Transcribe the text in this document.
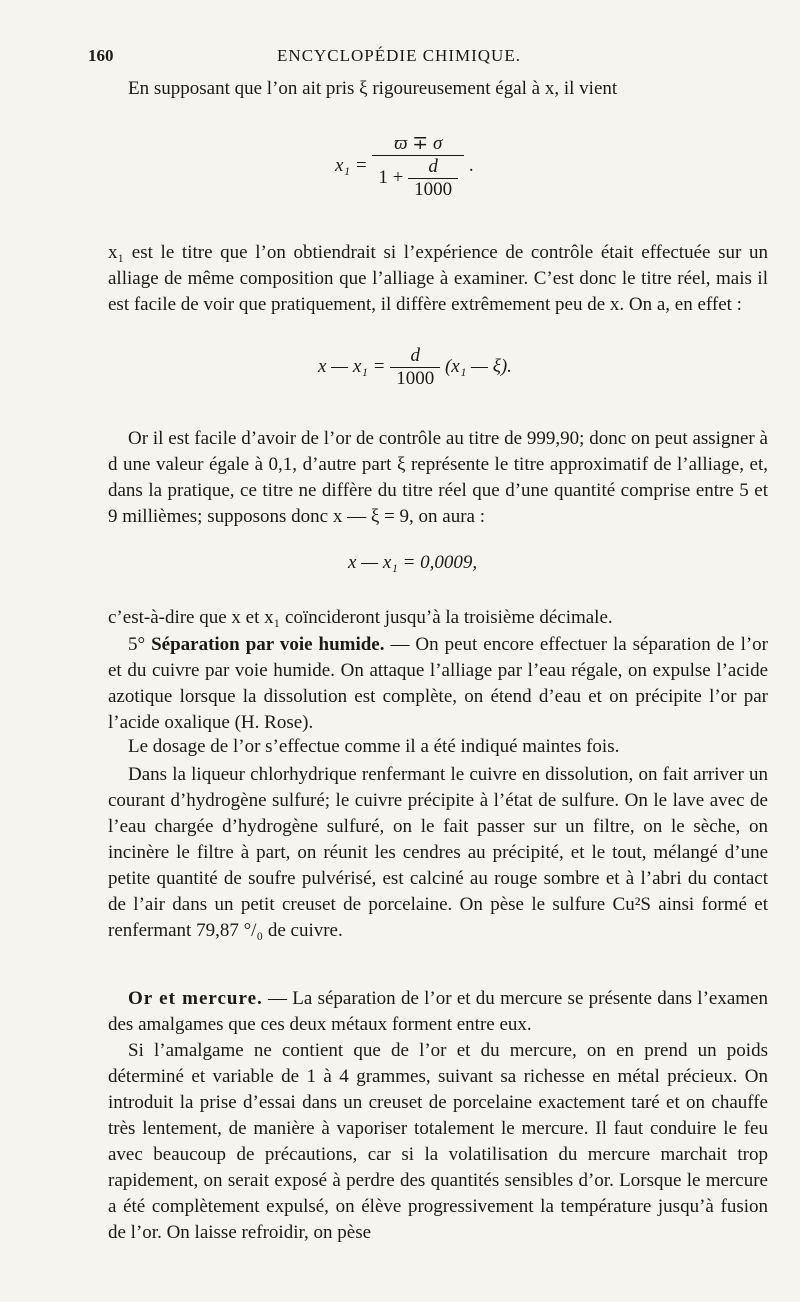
160	ENCYCLOPÉDIE CHIMIQUE.

En supposant que l’on ait pris ξ rigoureusement égal à x, il vient

$x_1 = \frac{ϖ \mp \sigma}{1 + \frac{d}{1000}}$ .

x₁ est le titre que l’on obtiendrait si l’expérience de contrôle était effectuée sur un alliage de même composition que l’alliage à examiner. C’est donc le titre réel, mais il est facile de voir que pratiquement, il diffère extrêmement peu de x. On a, en effet :

x — $x_1 = \frac{d}{1000} (x_1$ — ξ).

Or il est facile d’avoir de l’or de contrôle au titre de 999,90; donc on peut assigner à d une valeur égale à 0,1, d’autre part ξ représente le titre approximatif de l’alliage, et, dans la pratique, ce titre ne diffère du titre réel que d’une quantité comprise entre 5 et 9 millièmes; supposons donc x — ξ = 9, on aura :

x — x₁ = 0,0009,

c’est-à-dire que x et x₁ coïncideront jusqu’à la troisième décimale.

5° Séparation par voie humide. — On peut encore effectuer la séparation de l’or et du cuivre par voie humide. On attaque l’alliage par l’eau régale, on expulse l’acide azotique lorsque la dissolution est complète, on étend d’eau et on précipite l’or par l’acide oxalique (H. Rose).

Le dosage de l’or s’effectue comme il a été indiqué maintes fois.

Dans la liqueur chlorhydrique renfermant le cuivre en dissolution, on fait arriver un courant d’hydrogène sulfuré; le cuivre précipite à l’état de sulfure. On le lave avec de l’eau chargée d’hydrogène sulfuré, on le fait passer sur un filtre, on le sèche, on incinère le filtre à part, on réunit les cendres au précipité, et le tout, mélangé d’une petite quantité de soufre pulvérisé, est calciné au rouge sombre et à l’abri du contact de l’air dans un petit creuset de porcelaine. On pèse le sulfure Cu²S ainsi formé et renfermant 79,87 °/₀ de cuivre.

Or et mercure. — La séparation de l’or et du mercure se présente dans l’examen des amalgames que ces deux métaux forment entre eux.

Si l’amalgame ne contient que de l’or et du mercure, on en prend un poids déterminé et variable de 1 à 4 grammes, suivant sa richesse en métal précieux. On introduit la prise d’essai dans un creuset de porcelaine exactement taré et on chauffe très lentement, de manière à vaporiser totalement le mercure. Il faut conduire le feu avec beaucoup de précautions, car si la volatilisation du mercure marchait trop rapidement, on serait exposé à perdre des quantités sensibles d’or. Lorsque le mercure a été complètement expulsé, on élève progressivement la température jusqu’à fusion de l’or. On laisse refroidir, on pèse
